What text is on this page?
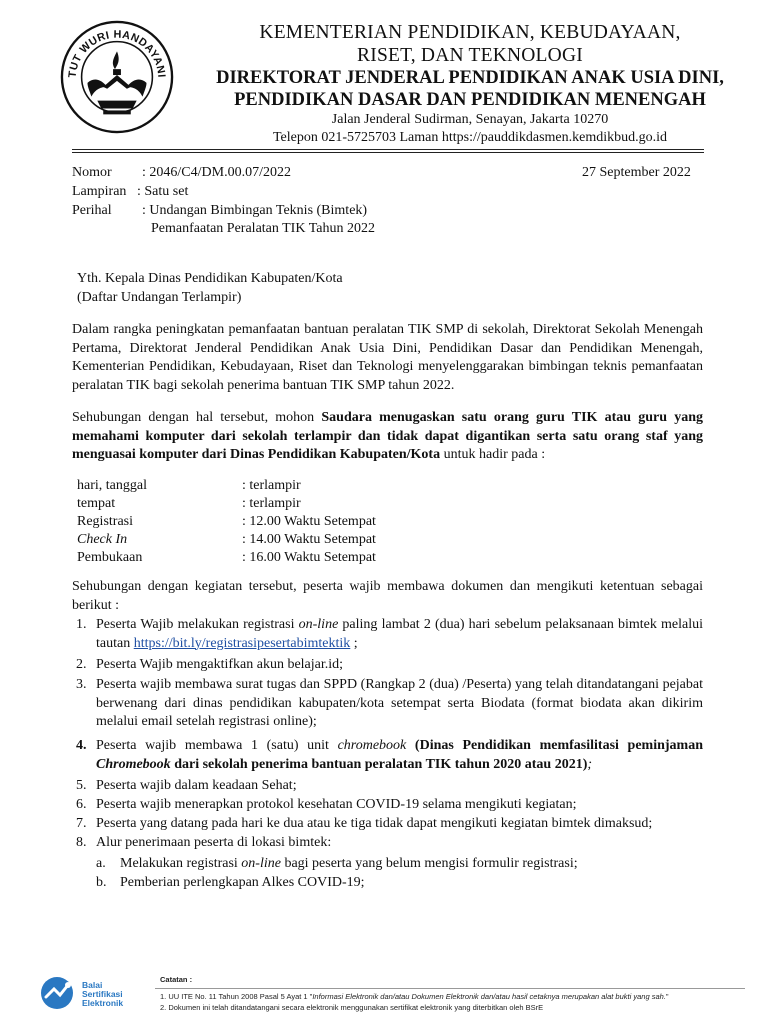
TUT WURI HANDAYANI
KEMENTERIAN PENDIDIKAN, KEBUDAYAAN,
RISET, DAN TEKNOLOGI
DIREKTORAT JENDERAL PENDIDIKAN ANAK USIA DINI,
PENDIDIKAN DASAR DAN PENDIDIKAN MENENGAH
Jalan Jenderal Sudirman, Senayan, Jakarta 10270
Telepon 021-5725703 Laman https://pauddikdasmen.kemdikbud.go.id
Nomor : 2046/C4/DM.00.07/2022	27 September 2022
Lampiran : Satu set
Perihal : Undangan Bimbingan Teknis (Bimtek)
Pemanfaatan Peralatan TIK Tahun 2022
Yth. Kepala Dinas Pendidikan Kabupaten/Kota
(Daftar Undangan Terlampir)
Dalam rangka peningkatan pemanfaatan bantuan peralatan TIK SMP di sekolah, Direktorat Sekolah Menengah Pertama, Direktorat Jenderal Pendidikan Anak Usia Dini, Pendidikan Dasar dan Pendidikan Menengah, Kementerian Pendidikan, Kebudayaan, Riset dan Teknologi menyelenggarakan bimbingan teknis pemanfaatan peralatan TIK bagi sekolah penerima bantuan TIK SMP tahun 2022.
Sehubungan dengan hal tersebut, mohon Saudara menugaskan satu orang guru TIK atau guru yang memahami komputer dari sekolah terlampir dan tidak dapat digantikan serta satu orang staf yang menguasai komputer dari Dinas Pendidikan Kabupaten/Kota untuk hadir pada :
hari, tanggal	: terlampir
tempat	: terlampir
Registrasi	: 12.00 Waktu Setempat
Check In	: 14.00 Waktu Setempat
Pembukaan	: 16.00 Waktu Setempat
Sehubungan dengan kegiatan tersebut, peserta wajib membawa dokumen dan mengikuti ketentuan sebagai berikut :
1. Peserta Wajib melakukan registrasi on-line paling lambat 2 (dua) hari sebelum pelaksanaan bimtek melalui tautan https://bit.ly/registrasipesertabimtektik ;
2. Peserta Wajib mengaktifkan akun belajar.id;
3. Peserta wajib membawa surat tugas dan SPPD (Rangkap 2 (dua) /Peserta) yang telah ditandatangani pejabat berwenang dari dinas pendidikan kabupaten/kota setempat serta Biodata (format biodata akan dikirim melalui email setelah registrasi online);
4. Peserta wajib membawa 1 (satu) unit chromebook (Dinas Pendidikan memfasilitasi peminjaman Chromebook dari sekolah penerima bantuan peralatan TIK tahun 2020 atau 2021);
5. Peserta wajib dalam keadaan Sehat;
6. Peserta wajib menerapkan protokol kesehatan COVID-19 selama mengikuti kegiatan;
7. Peserta yang datang pada hari ke dua atau ke tiga tidak dapat mengikuti kegiatan bimtek dimaksud;
8. Alur penerimaan peserta di lokasi bimtek:
a. Melakukan registrasi on-line bagi peserta yang belum mengisi formulir registrasi;
b. Pemberian perlengkapan Alkes COVID-19;
Balai
Sertifikasi
Elektronik
Catatan :
1. UU ITE No. 11 Tahun 2008 Pasal 5 Ayat 1 "Informasi Elektronik dan/atau Dokumen Elektronik dan/atau hasil cetaknya merupakan alat bukti yang sah."
2. Dokumen ini telah ditandatangani secara elektronik menggunakan sertifikat elektronik yang diterbitkan oleh BSrE
